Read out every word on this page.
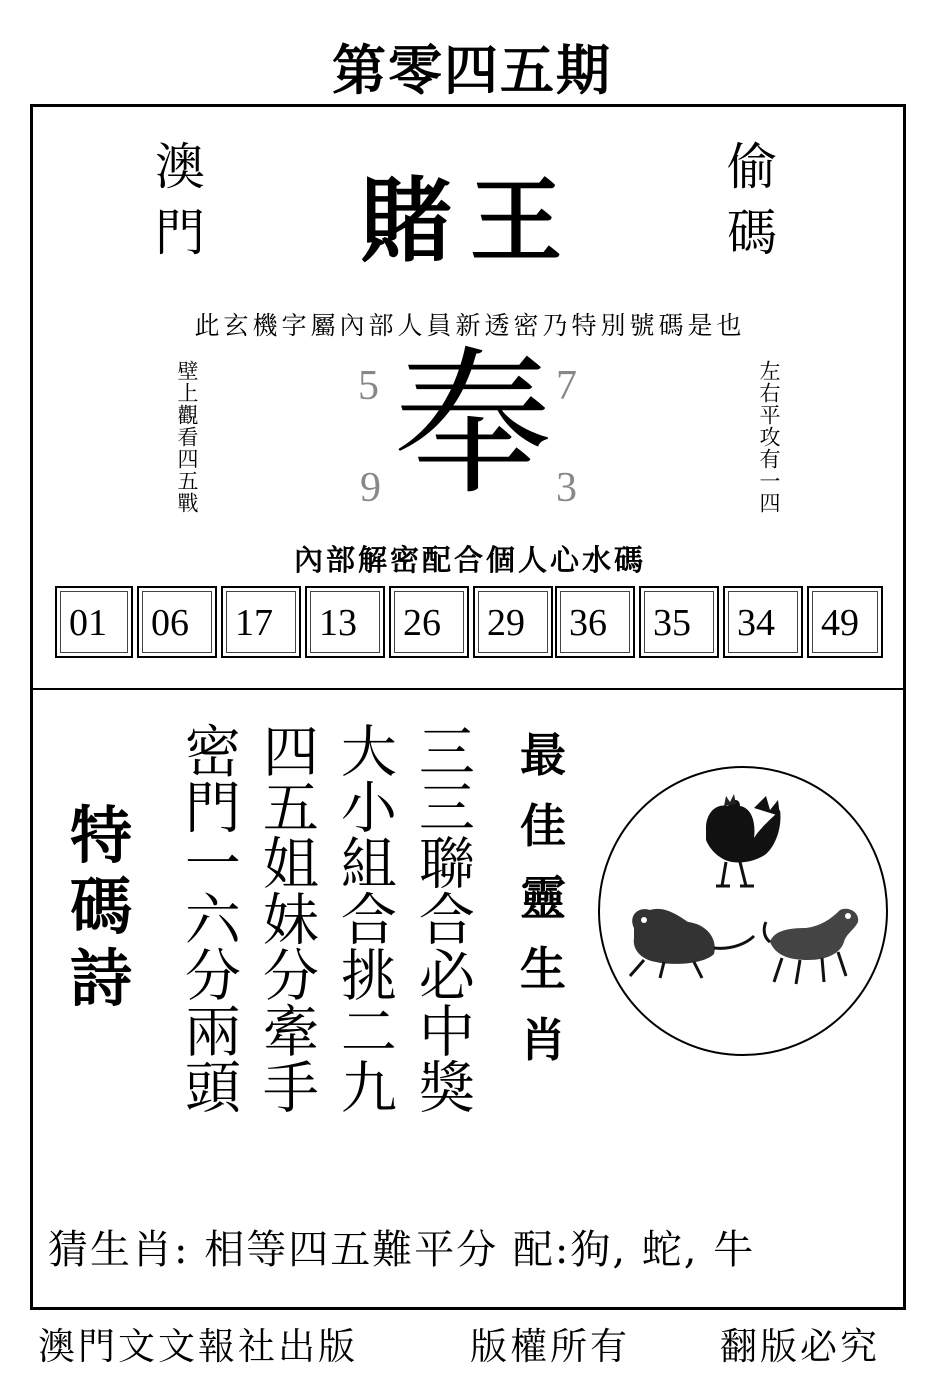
第零四五期
澳門	賭王	偷碼
此玄機字屬內部人員新透密乃特別號碼是也
壁上觀看四五戰	左右平攻有一四
5	7
9	3
奉
內部解密配合個人心水碼
01	06	17	13	26	29	36	35	34	49
特
碼
詩	三三聯合必中獎
大小組合挑二九
四五姐妹分牽手
密門一六分兩頭	最
佳
靈
生
肖
猜生肖: 相等四五難平分 配:狗, 蛇, 牛
澳門文文報社出版	版權所有 翻版必究
